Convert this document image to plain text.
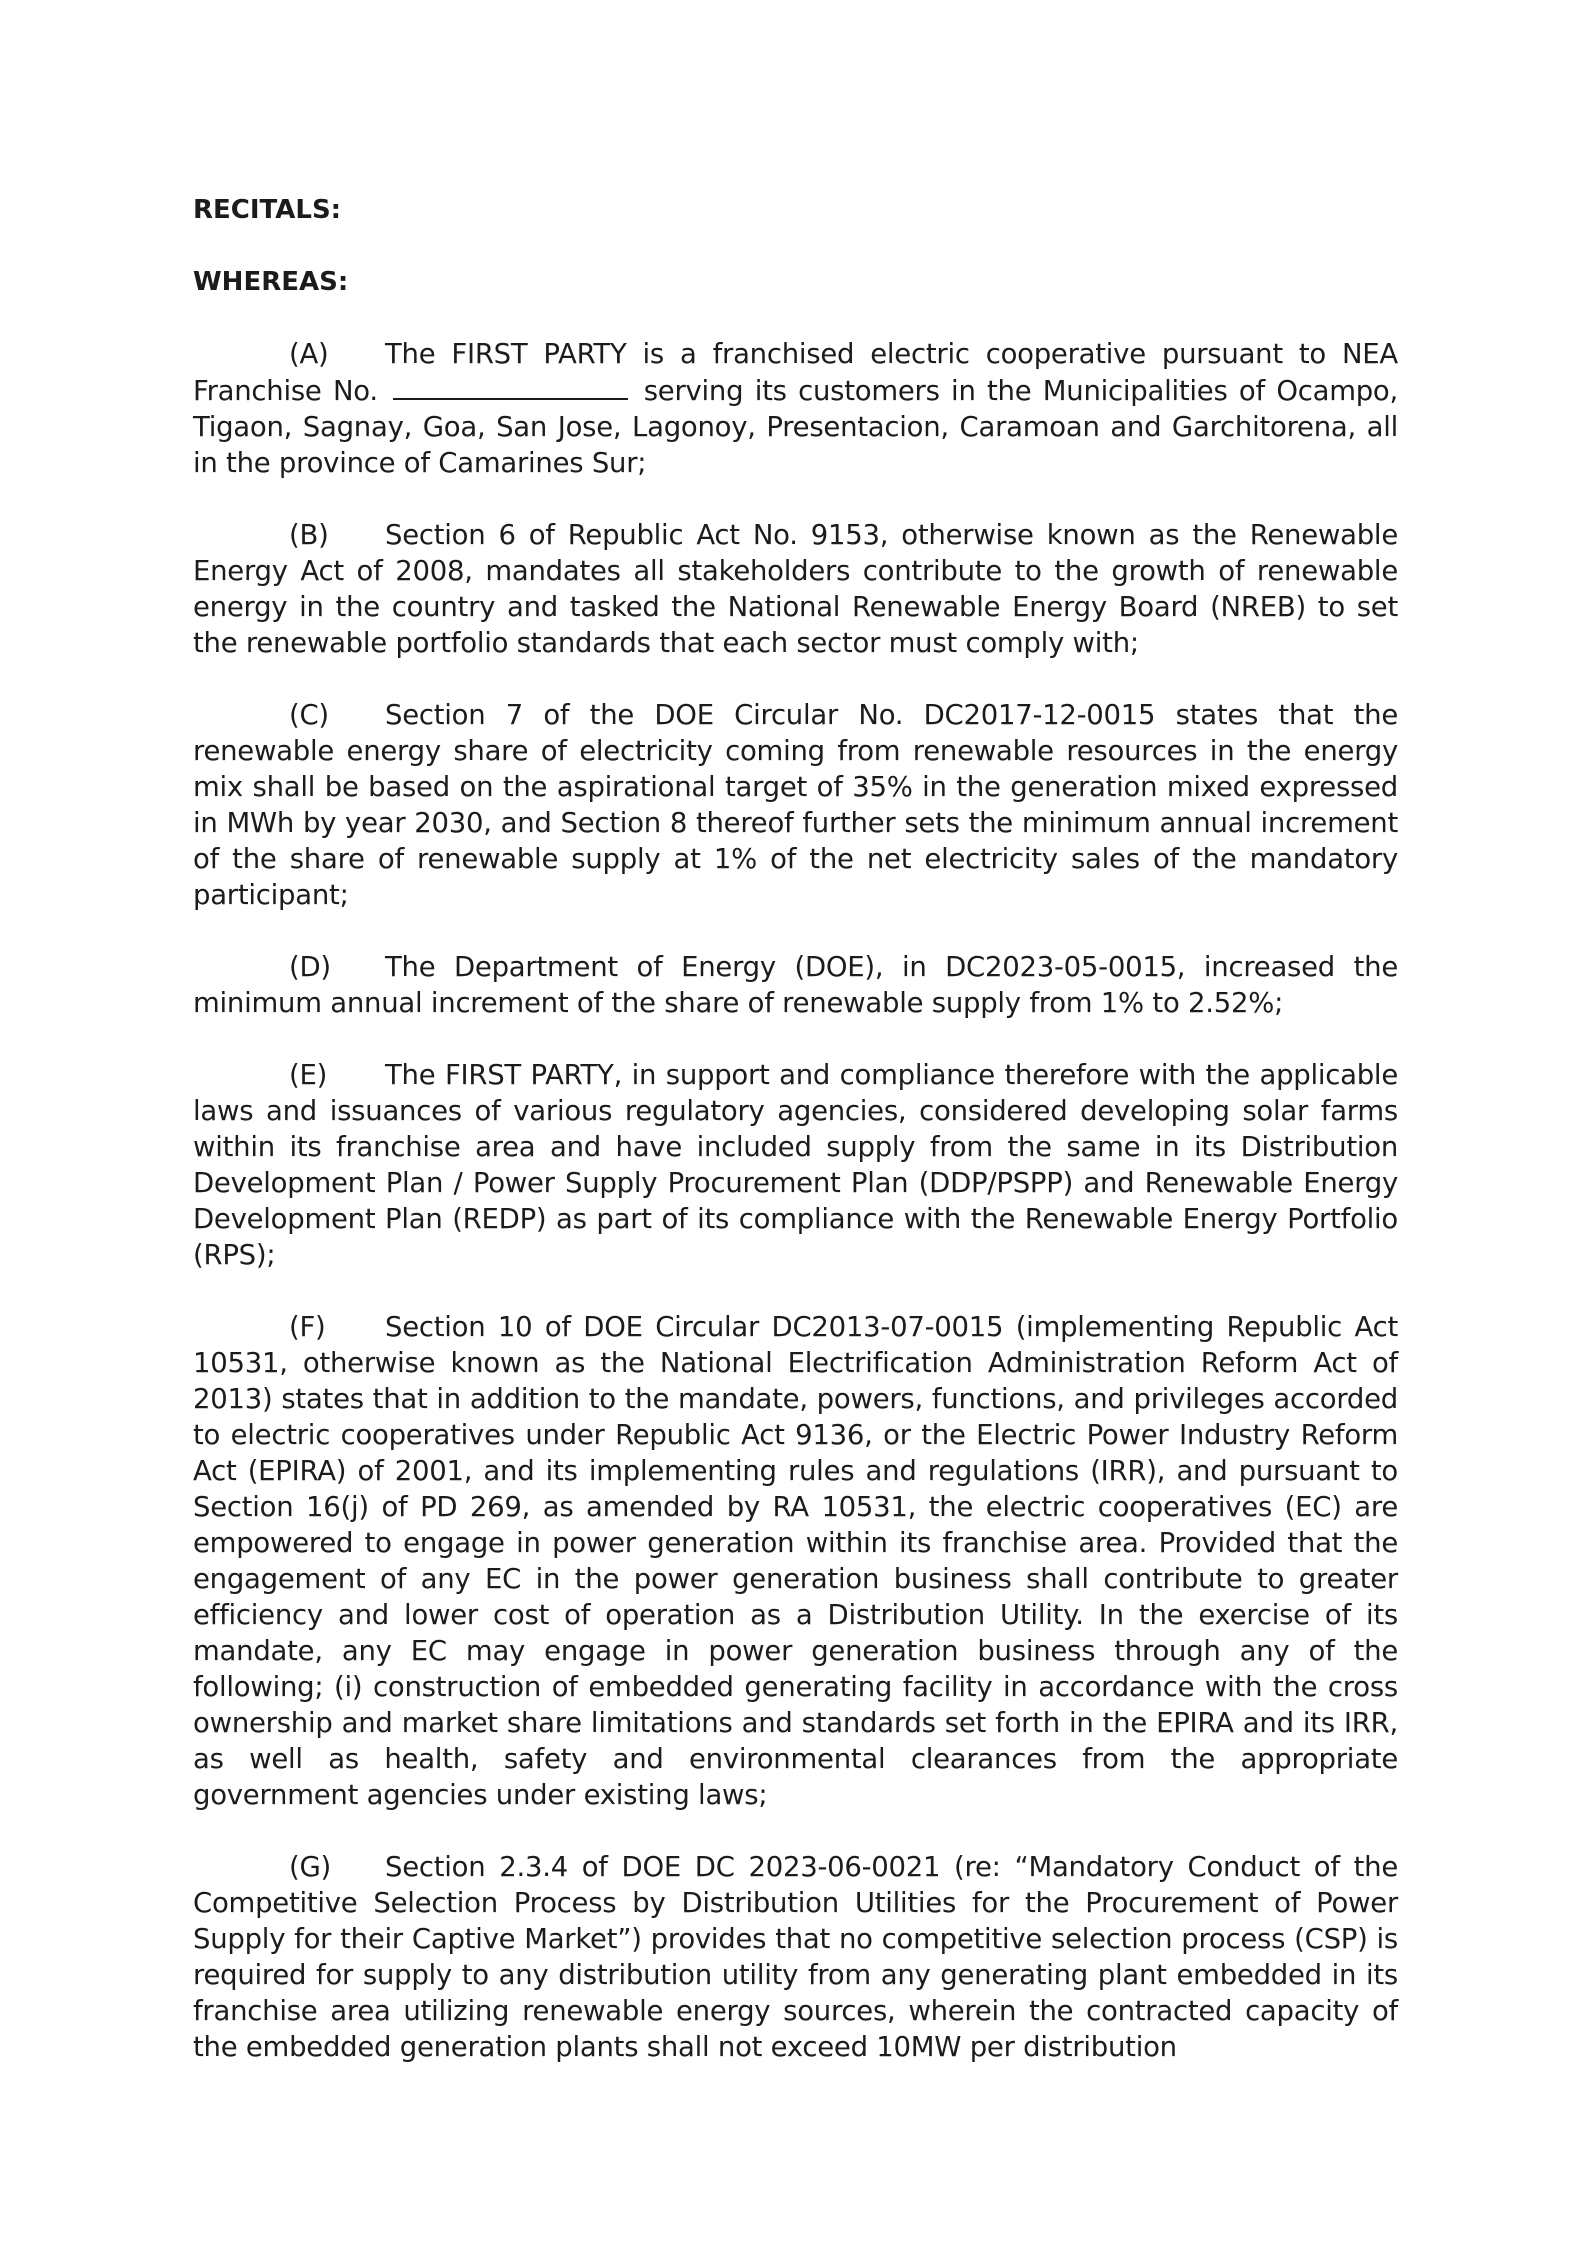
RECITALS:

WHEREAS:

(A) The FIRST PARTY is a franchised electric cooperative pursuant to NEA Franchise No.	serving its customers in the Municipalities of Ocampo, Tigaon, Sagnay, Goa, San Jose, Lagonoy, Presentacion, Caramoan and Garchitorena, all in the province of Camarines Sur;

(B) Section 6 of Republic Act No. 9153, otherwise known as the Renewable Energy Act of 2008, mandates all stakeholders contribute to the growth of renewable energy in the country and tasked the National Renewable Energy Board (NREB) to set the renewable portfolio standards that each sector must comply with;

(C) Section 7 of the DOE Circular No. DC2017-12-0015 states that the renewable energy share of electricity coming from renewable resources in the energy mix shall be based on the aspirational target of 35% in the generation mixed expressed in MWh by year 2030, and Section 8 thereof further sets the minimum annual increment of the share of renewable supply at 1% of the net electricity sales of the mandatory participant;

(D) The Department of Energy (DOE), in DC2023-05-0015, increased the minimum annual increment of the share of renewable supply from 1% to 2.52%;

(E) The FIRST PARTY, in support and compliance therefore with the applicable laws and issuances of various regulatory agencies, considered developing solar farms within its franchise area and have included supply from the same in its Distribution Development Plan / Power Supply Procurement Plan (DDP/PSPP) and Renewable Energy Development Plan (REDP) as part of its compliance with the Renewable Energy Portfolio (RPS);

(F) Section 10 of DOE Circular DC2013-07-0015 (implementing Republic Act 10531, otherwise known as the National Electrification Administration Reform Act of 2013) states that in addition to the mandate, powers, functions, and privileges accorded to electric cooperatives under Republic Act 9136, or the Electric Power Industry Reform Act (EPIRA) of 2001, and its implementing rules and regulations (IRR), and pursuant to Section 16(j) of PD 269, as amended by RA 10531, the electric cooperatives (EC) are empowered to engage in power generation within its franchise area. Provided that the engagement of any EC in the power generation business shall contribute to greater efficiency and lower cost of operation as a Distribution Utility. In the exercise of its mandate, any EC may engage in power generation business through any of the following; (i) construction of embedded generating facility in accordance with the cross ownership and market share limitations and standards set forth in the EPIRA and its IRR, as well as health, safety and environmental clearances from the appropriate government agencies under existing laws;

(G) Section 2.3.4 of DOE DC 2023-06-0021 (re: “Mandatory Conduct of the Competitive Selection Process by Distribution Utilities for the Procurement of Power Supply for their Captive Market”) provides that no competitive selection process (CSP) is required for supply to any distribution utility from any generating plant embedded in its franchise area utilizing renewable energy sources, wherein the contracted capacity of the embedded generation plants shall not exceed 10MW per distribution
